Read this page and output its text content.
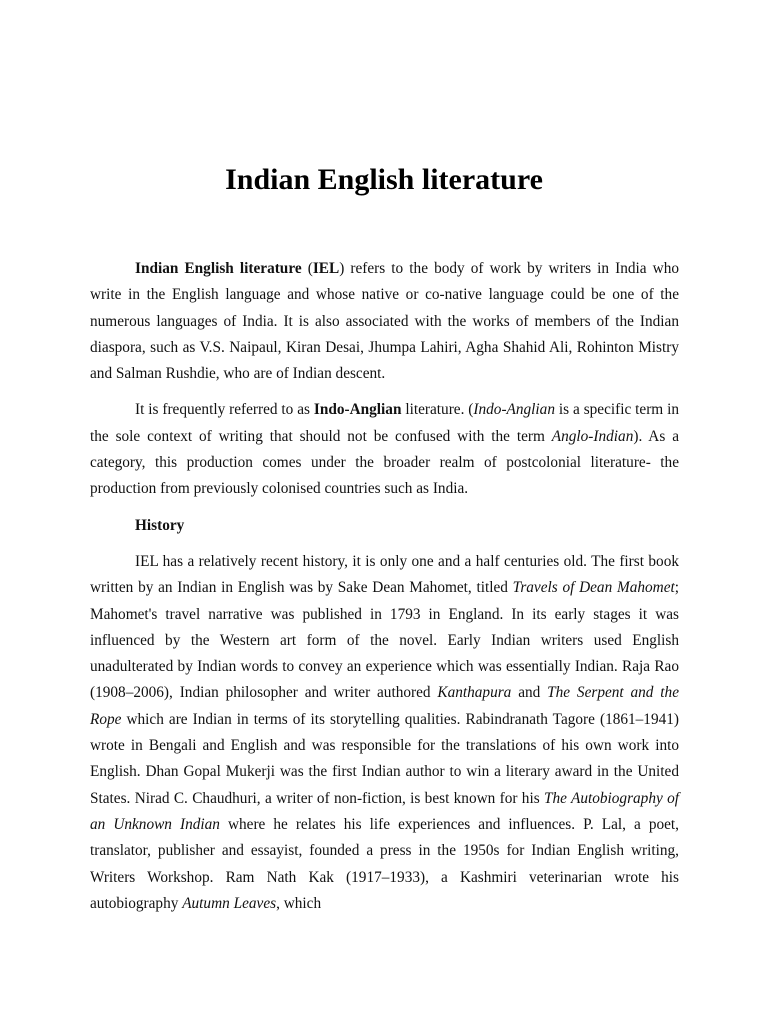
Indian English literature

Indian English literature (IEL) refers to the body of work by writers in India who write in the English language and whose native or co-native language could be one of the numerous languages of India. It is also associated with the works of members of the Indian diaspora, such as V.S. Naipaul, Kiran Desai, Jhumpa Lahiri, Agha Shahid Ali, Rohinton Mistry and Salman Rushdie, who are of Indian descent.

It is frequently referred to as Indo-Anglian literature. (Indo-Anglian is a specific term in the sole context of writing that should not be confused with the term Anglo-Indian). As a category, this production comes under the broader realm of postcolonial literature- the production from previously colonised countries such as India.

History

IEL has a relatively recent history, it is only one and a half centuries old. The first book written by an Indian in English was by Sake Dean Mahomet, titled Travels of Dean Mahomet; Mahomet's travel narrative was published in 1793 in England. In its early stages it was influenced by the Western art form of the novel. Early Indian writers used English unadulterated by Indian words to convey an experience which was essentially Indian. Raja Rao (1908–2006), Indian philosopher and writer authored Kanthapura and The Serpent and the Rope which are Indian in terms of its storytelling qualities. Rabindranath Tagore (1861–1941) wrote in Bengali and English and was responsible for the translations of his own work into English. Dhan Gopal Mukerji was the first Indian author to win a literary award in the United States. Nirad C. Chaudhuri, a writer of non-fiction, is best known for his The Autobiography of an Unknown Indian where he relates his life experiences and influences. P. Lal, a poet, translator, publisher and essayist, founded a press in the 1950s for Indian English writing, Writers Workshop. Ram Nath Kak (1917–1933), a Kashmiri veterinarian wrote his autobiography Autumn Leaves, which
